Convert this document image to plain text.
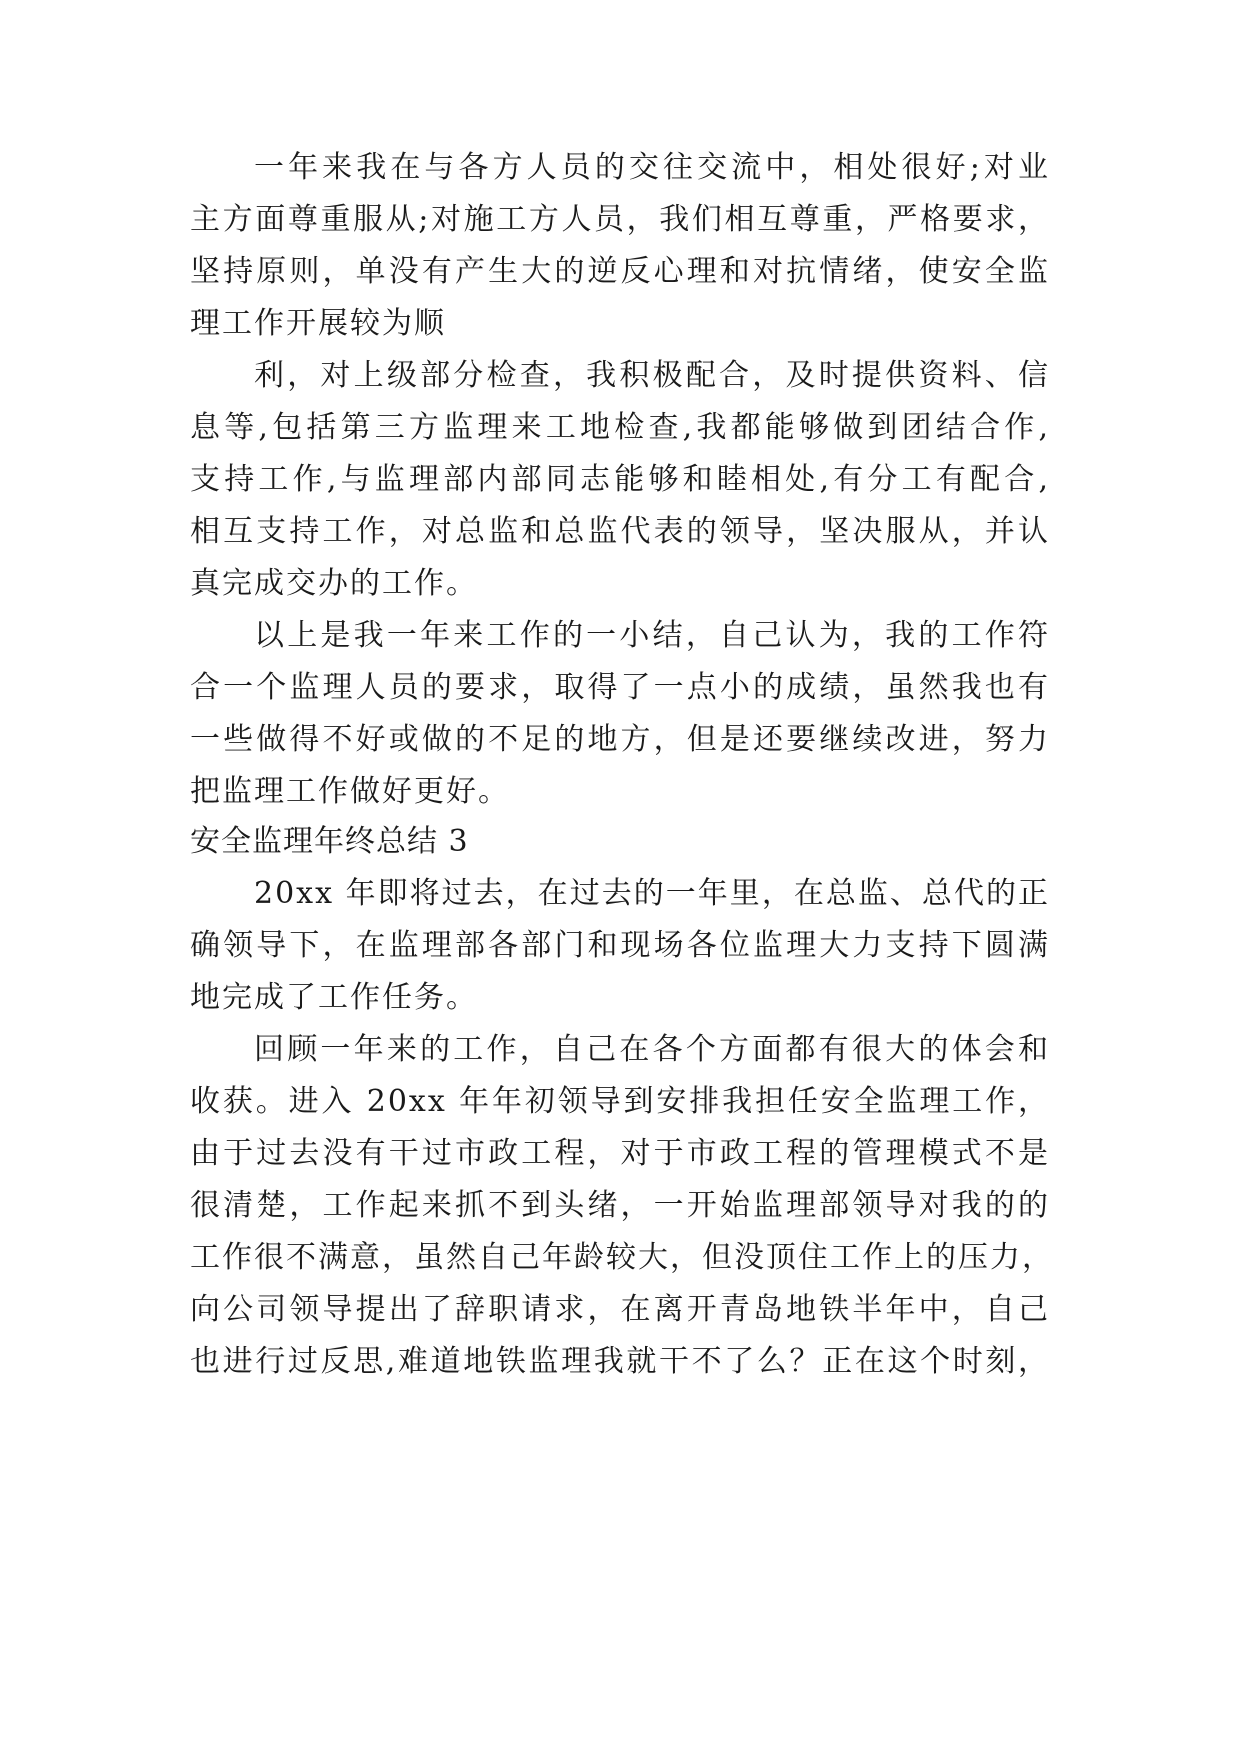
一年来我在与各方人员的交往交流中，相处很好;对业
主方面尊重服从;对施工方人员，我们相互尊重，严格要求，
坚持原则，单没有产生大的逆反心理和对抗情绪，使安全监
理工作开展较为顺
利，对上级部分检查，我积极配合，及时提供资料、信
息等,包括第三方监理来工地检查,我都能够做到团结合作,
支持工作,与监理部内部同志能够和睦相处,有分工有配合,
相互支持工作，对总监和总监代表的领导，坚决服从，并认
真完成交办的工作。
以上是我一年来工作的一小结，自己认为，我的工作符
合一个监理人员的要求，取得了一点小的成绩，虽然我也有
一些做得不好或做的不足的地方，但是还要继续改进，努力
把监理工作做好更好。
安全监理年终总结 3
20xx 年即将过去，在过去的一年里，在总监、总代的正
确领导下，在监理部各部门和现场各位监理大力支持下圆满
地完成了工作任务。
回顾一年来的工作，自己在各个方面都有很大的体会和
收获。进入 20xx 年年初领导到安排我担任安全监理工作，
由于过去没有干过市政工程，对于市政工程的管理模式不是
很清楚，工作起来抓不到头绪，一开始监理部领导对我的的
工作很不满意，虽然自己年龄较大，但没顶住工作上的压力，
向公司领导提出了辞职请求，在离开青岛地铁半年中，自己
也进行过反思,难道地铁监理我就干不了么？正在这个时刻，
